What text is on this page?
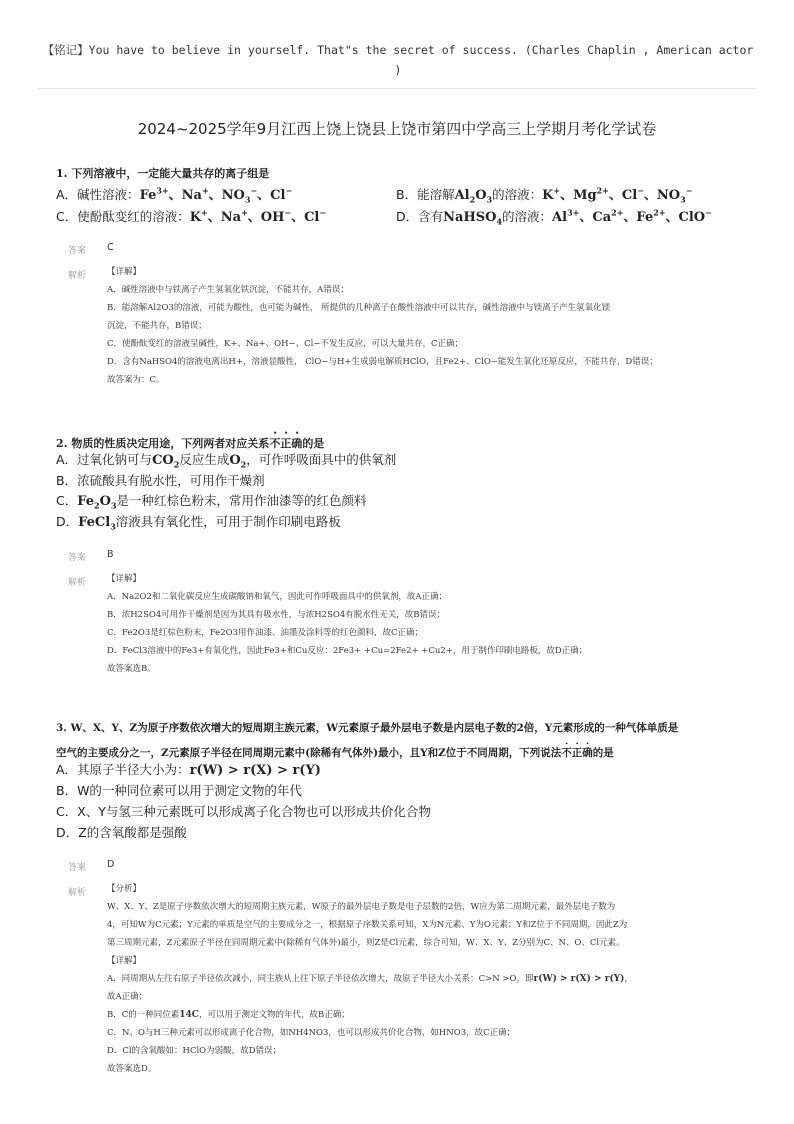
【铭记】You have to believe in yourself. That"s the secret of success. (Charles Chaplin , American actor )
2024~2025学年9月江西上饶上饶县上饶市第四中学高三上学期月考化学试卷
1. 下列溶液中，一定能大量共存的离子组是
A．碱性溶液：$Fe^{3+}$、Na+、$NO_3^-$、Cl−	B．能溶解$Al_2O_3$的溶液：K+、$Mg^{2+}$、Cl−、$NO_3^-$
C．使酚酞变红的溶液：K+、Na+、OH−、Cl−	D．含有NaHSO$_4$的溶液：$Al^{3+}$、$Ca^{2+}$、$Fe^{2+}$、ClO−
答案 C
解析 【详解】
A．碱性溶液中与铁离子产生氢氧化铁沉淀，不能共存，A错误；
B．能溶解Al2O3的溶液，可能为酸性，也可能为碱性， 所提供的几种离子在酸性溶液中可以共存，碱性溶液中与镁离子产生氢氧化镁
沉淀，不能共存，B错误；
C．使酚酞变红的溶液呈碱性，K+、Na+、OH−、Cl−不发生反应，可以大量共存，C正确；
D．含有NaHSO4的溶液电离出H+，溶液显酸性， ClO−与H+生成弱电解质HClO，且Fe2+、ClO−能发生氧化还原反应，不能共存，D错误；
故答案为：C。
2. 物质的性质决定用途，下列两者对应关系不正确的是
A．过氧化钠可与$CO_2$反应生成$O_2$，可作呼吸面具中的供氧剂
B．浓硫酸具有脱水性，可用作干燥剂
C．$Fe_2O_3$是一种红棕色粉末，常用作油漆等的红色颜料
D．FeCl$_3$溶液具有氧化性，可用于制作印刷电路板
答案 B
解析 【详解】
A．Na2O2和二氧化碳反应生成碳酸钠和氧气，因此可作呼吸面具中的供氧剂，故A正确；
B．浓H2SO4可用作干燥剂是因为其具有吸水性，与浓H2SO4有脱水性无关，故B错误；
C．Fe2O3是红棕色粉末，Fe2O3用作油漆、油墨及涂料等的红色颜料，故C正确；
D．FeCl3溶液中的Fe3+有氧化性，因此Fe3+和Cu反应：2Fe3+ +Cu=2Fe2+ +Cu2+，用于制作印刷电路板，故D正确；
故答案选B。
3. W、X、Y、Z为原子序数依次增大的短周期主族元素，W元素原子最外层电子数是内层电子数的2倍，Y元素形成的一种气体单质是
空气的主要成分之一，Z元素原子半径在同周期元素中(除稀有气体外)最小，且Y和Z位于不同周期，下列说法不正确的是
A．其原子半径大小为：r(W) > r(X) > r(Y)
B．W的一种同位素可以用于测定文物的年代
C．X、Y与氢三种元素既可以形成离子化合物也可以形成共价化合物
D．Z的含氧酸都是强酸
答案 D
解析 【分析】
W、X、Y、Z是原子序数依次增大的短周期主族元素，W原子的最外层电子数是电子层数的2倍，W应为第二周期元素，最外层电子数为
4，可知W为C元素；Y元素的单质是空气的主要成分之一，根据原子序数关系可知，X为N元素、Y为O元素；Y和Z位于不同周期，因此Z为
第三周期元素，Z元素原子半径在同周期元素中(除稀有气体外)最小，则Z是Cl元素，综合可知，W、X、Y、Z分别为C、N、O、Cl元素。
【详解】
A．同周期从左往右原子半径依次减小，同主族从上往下原子半径依次增大，故原子半径大小关系：C>N >O，即r(W) > r(X) > r(Y)，
故A正确；
B．C的一种同位素14C，可以用于测定文物的年代，故B正确；
C．N、O与H三种元素可以形成离子化合物，如NH4NO3，也可以形成共价化合物，如HNO3，故C正确；
D．Cl的含氧酸如：HClO为弱酸，故D错误；
故答案选D。
